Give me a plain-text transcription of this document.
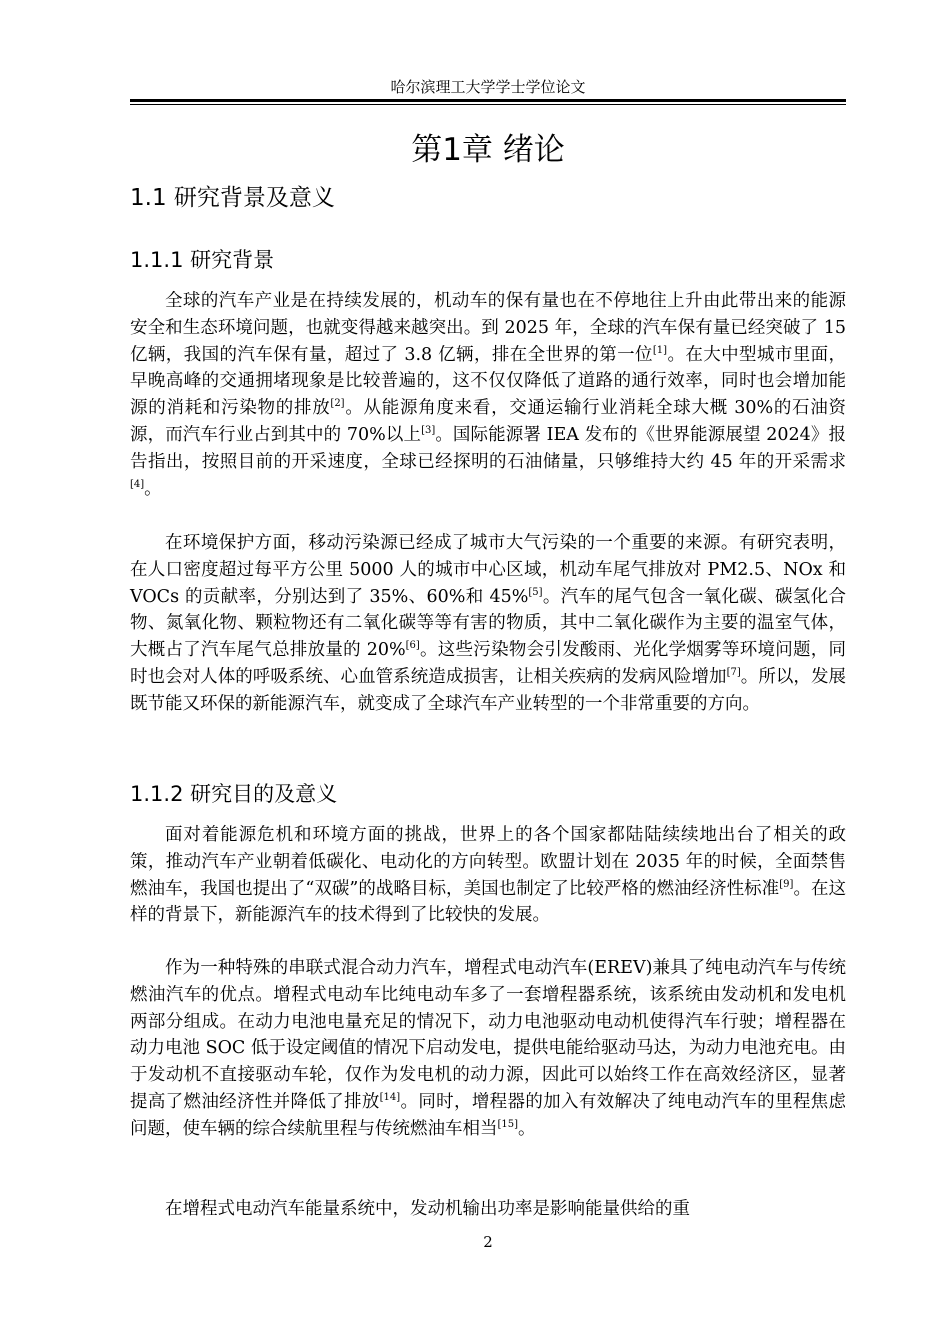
哈尔滨理工大学学士学位论文
第1章 绪论
1.1 研究背景及意义
1.1.1 研究背景

全球的汽车产业是在持续发展的，机动车的保有量也在不停地往上升由此带出来的能源安全和生态环境问题，也就变得越来越突出。到 2025 年，全球的汽车保有量已经突破了 15 亿辆，我国的汽车保有量，超过了 3.8 亿辆，排在全世界的第一位[1]。在大中型城市里面，早晚高峰的交通拥堵现象是比较普遍的，这不仅仅降低了道路的通行效率，同时也会增加能源的消耗和污染物的排放[2]。从能源角度来看，交通运输行业消耗全球大概 30%的石油资源，而汽车行业占到其中的 70%以上[3]。国际能源署 IEA 发布的《世界能源展望 2024》报告指出，按照目前的开采速度，全球已经探明的石油储量，只够维持大约 45 年的开采需求[4]。

在环境保护方面，移动污染源已经成了城市大气污染的一个重要的来源。有研究表明，在人口密度超过每平方公里 5000 人的城市中心区域，机动车尾气排放对 PM2.5、NOx 和 VOCs 的贡献率，分别达到了 35%、60%和 45%[5]。汽车的尾气包含一氧化碳、碳氢化合物、氮氧化物、颗粒物还有二氧化碳等等有害的物质，其中二氧化碳作为主要的温室气体，大概占了汽车尾气总排放量的 20%[6]。这些污染物会引发酸雨、光化学烟雾等环境问题，同时也会对人体的呼吸系统、心血管系统造成损害，让相关疾病的发病风险增加[7]。所以，发展既节能又环保的新能源汽车，就变成了全球汽车产业转型的一个非常重要的方向。

1.1.2 研究目的及意义

面对着能源危机和环境方面的挑战，世界上的各个国家都陆陆续续地出台了相关的政策，推动汽车产业朝着低碳化、电动化的方向转型。欧盟计划在 2035 年的时候，全面禁售燃油车，我国也提出了“双碳”的战略目标，美国也制定了比较严格的燃油经济性标准[9]。在这样的背景下，新能源汽车的技术得到了比较快的发展。

作为一种特殊的串联式混合动力汽车，增程式电动汽车(EREV)兼具了纯电动汽车与传统燃油汽车的优点。增程式电动车比纯电动车多了一套增程器系统，该系统由发动机和发电机两部分组成。在动力电池电量充足的情况下，动力电池驱动电动机使得汽车行驶；增程器在动力电池 SOC 低于设定阈值的情况下启动发电，提供电能给驱动马达，为动力电池充电。由于发动机不直接驱动车轮，仅作为发电机的动力源，因此可以始终工作在高效经济区，显著提高了燃油经济性并降低了排放[14]。同时，增程器的加入有效解决了纯电动汽车的里程焦虑问题，使车辆的综合续航里程与传统燃油车相当[15]。

在增程式电动汽车能量系统中，发动机输出功率是影响能量供给的重

2
